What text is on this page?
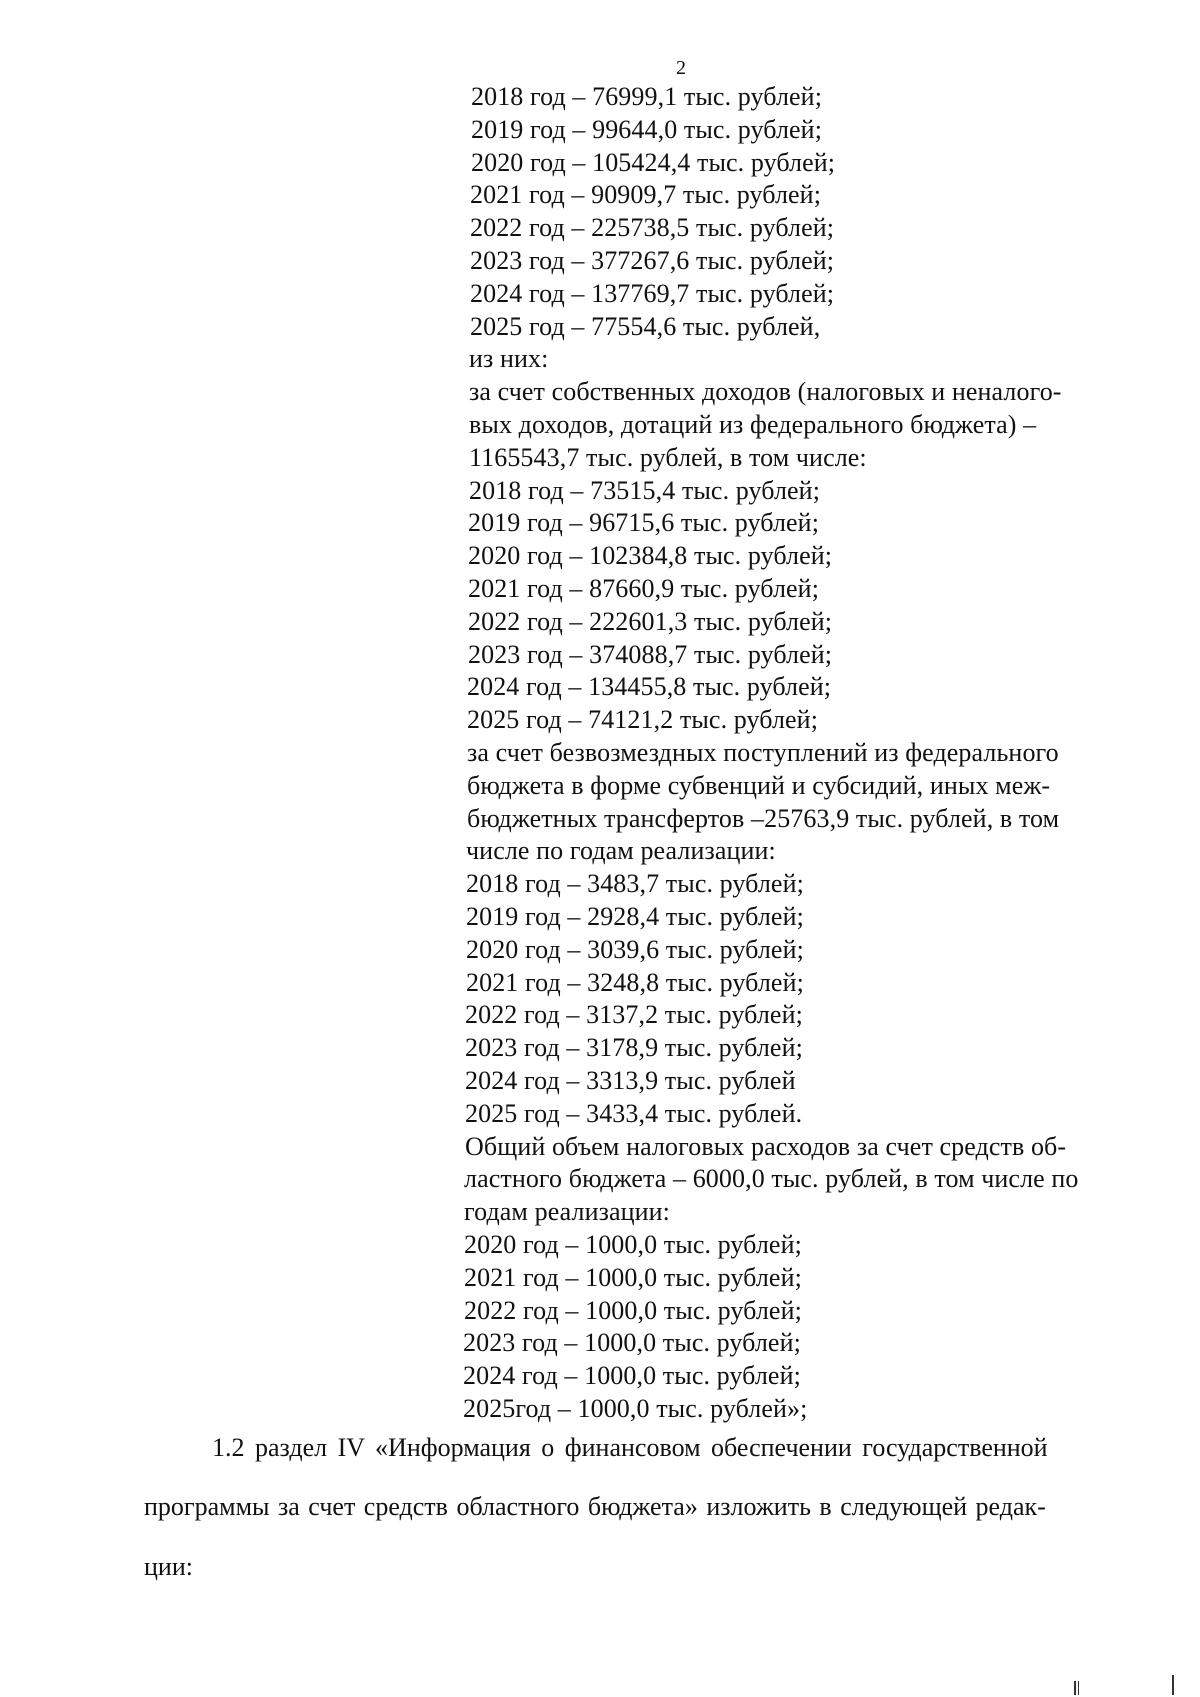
2
2018 год – 76999,1 тыс. рублей;
2019 год – 99644,0 тыс. рублей;
2020 год – 105424,4 тыс. рублей;
2021 год – 90909,7 тыс. рублей;
2022 год – 225738,5 тыс. рублей;
2023 год – 377267,6 тыс. рублей;
2024 год – 137769,7 тыс. рублей;
2025 год – 77554,6 тыс. рублей,
из них:
за счет собственных доходов (налоговых и неналого-
вых доходов, дотаций из федерального бюджета) –
1165543,7 тыс. рублей, в том числе:
2018 год – 73515,4 тыс. рублей;
2019 год – 96715,6 тыс. рублей;
2020 год – 102384,8 тыс. рублей;
2021 год – 87660,9 тыс. рублей;
2022 год – 222601,3 тыс. рублей;
2023 год – 374088,7 тыс. рублей;
2024 год – 134455,8 тыс. рублей;
2025 год – 74121,2 тыс. рублей;
за счет безвозмездных поступлений из федерального
бюджета в форме субвенций и субсидий, иных меж-
бюджетных трансфертов –25763,9 тыс. рублей, в том
числе по годам реализации:
2018 год – 3483,7 тыс. рублей;
2019 год – 2928,4 тыс. рублей;
2020 год – 3039,6 тыс. рублей;
2021 год – 3248,8 тыс. рублей;
2022 год – 3137,2 тыс. рублей;
2023 год – 3178,9 тыс. рублей;
2024 год – 3313,9 тыс. рублей
2025 год – 3433,4 тыс. рублей.
Общий объем налоговых расходов за счет средств об-
ластного бюджета – 6000,0 тыс. рублей, в том числе по
годам реализации:
2020 год – 1000,0 тыс. рублей;
2021 год – 1000,0 тыс. рублей;
2022 год – 1000,0 тыс. рублей;
2023 год – 1000,0 тыс. рублей;
2024 год – 1000,0 тыс. рублей;
2025год – 1000,0 тыс. рублей»;
1.2 раздел IV «Информация о финансовом обеспечении государственной
программы за счет средств областного бюджета» изложить в следующей редак-
ции:
